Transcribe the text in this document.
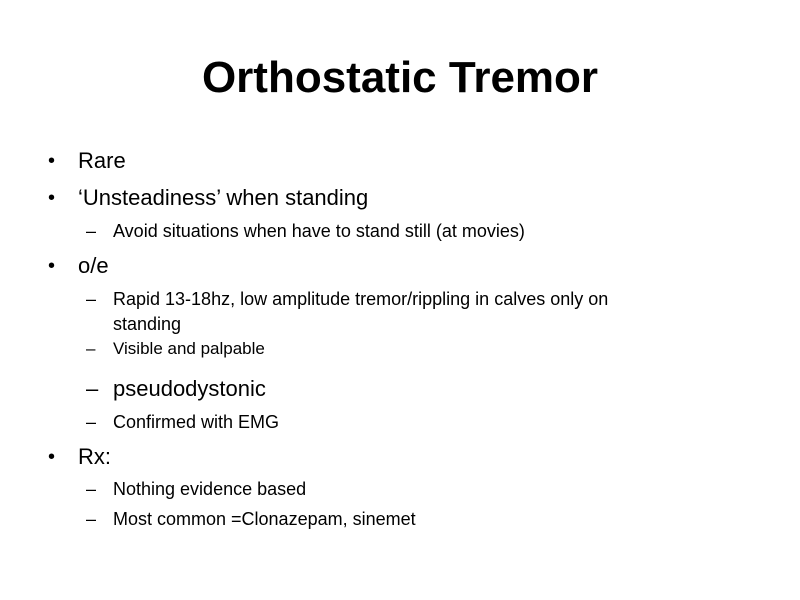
Orthostatic Tremor
• Rare
• ‘Unsteadiness’ when standing
– Avoid situations when have to stand still (at movies)
• o/e
– Rapid 13-18hz, low amplitude tremor/rippling in calves only on
standing
–	Visible and palpable
– pseudodystonic
– Confirmed with EMG
• Rx:
– Nothing evidence based
– Most common =Clonazepam, sinemet
